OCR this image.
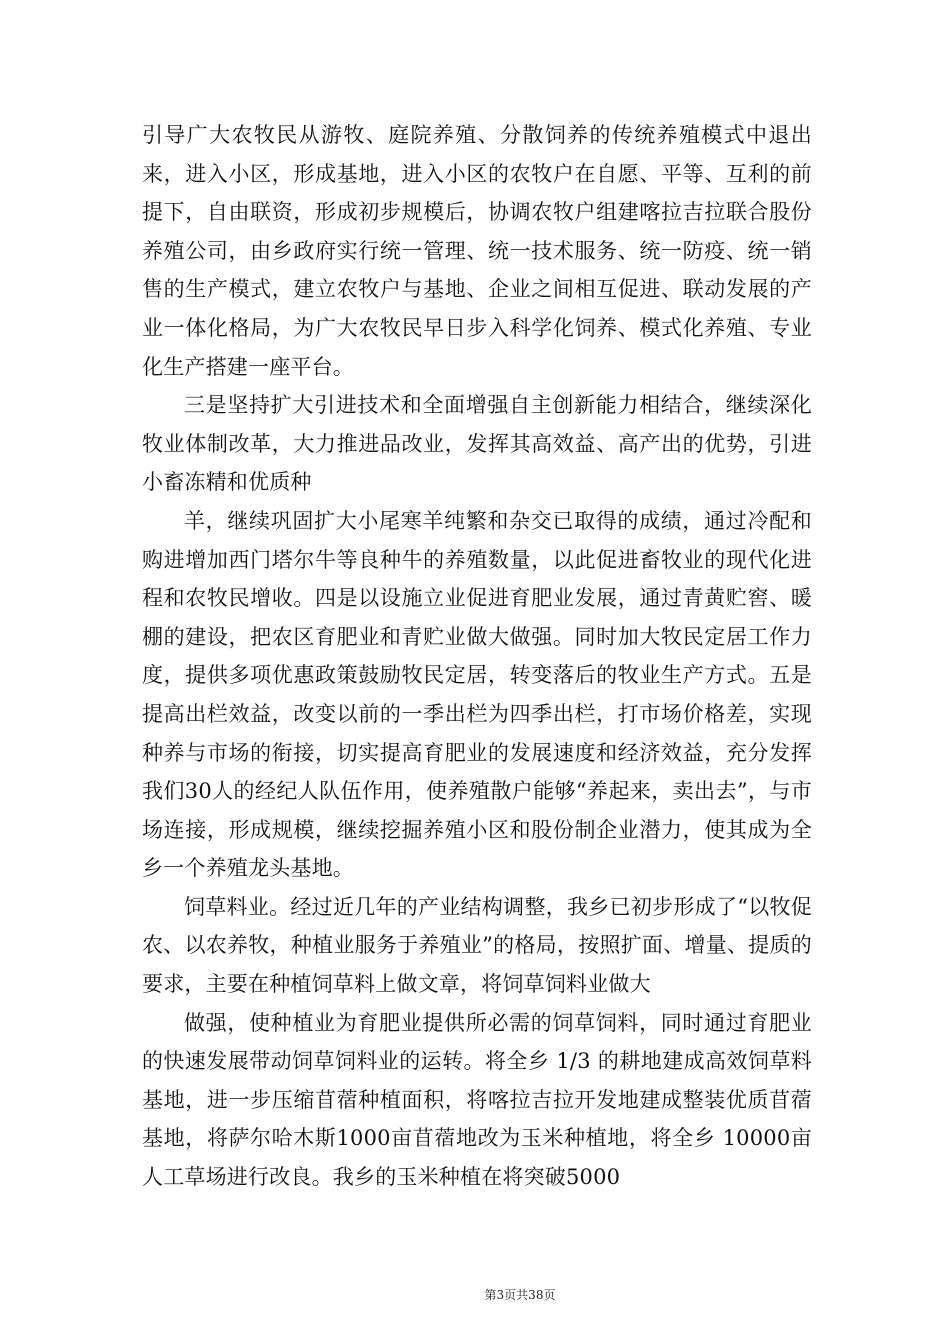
引导广大农牧民从游牧、庭院养殖、分散饲养的传统养殖模式中退出来，进入小区，形成基地，进入小区的农牧户在自愿、平等、互利的前提下，自由联资，形成初步规模后，协调农牧户组建喀拉吉拉联合股份养殖公司，由乡政府实行统一管理、统一技术服务、统一防疫、统一销售的生产模式，建立农牧户与基地、企业之间相互促进、联动发展的产业一体化格局，为广大农牧民早日步入科学化饲养、模式化养殖、专业化生产搭建一座平台。

三是坚持扩大引进技术和全面增强自主创新能力相结合，继续深化牧业体制改革，大力推进品改业，发挥其高效益、高产出的优势，引进小畜冻精和优质种

羊，继续巩固扩大小尾寒羊纯繁和杂交已取得的成绩，通过冷配和购进增加西门塔尔牛等良种牛的养殖数量，以此促进畜牧业的现代化进程和农牧民增收。四是以设施立业促进育肥业发展，通过青黄贮窖、暖棚的建设，把农区育肥业和青贮业做大做强。同时加大牧民定居工作力度，提供多项优惠政策鼓励牧民定居，转变落后的牧业生产方式。五是提高出栏效益，改变以前的一季出栏为四季出栏，打市场价格差，实现种养与市场的衔接，切实提高育肥业的发展速度和经济效益，充分发挥我们30人的经纪人队伍作用，使养殖散户能够“养起来，卖出去”，与市场连接，形成规模，继续挖掘养殖小区和股份制企业潜力，使其成为全乡一个养殖龙头基地。

饲草料业。经过近几年的产业结构调整，我乡已初步形成了“以牧促农、以农养牧，种植业服务于养殖业”的格局，按照扩面、增量、提质的要求，主要在种植饲草料上做文章，将饲草饲料业做大

做强，使种植业为育肥业提供所必需的饲草饲料，同时通过育肥业的快速发展带动饲草饲料业的运转。将全乡 1/3 的耕地建成高效饲草料基地，进一步压缩苜蓿种植面积，将喀拉吉拉开发地建成整装优质苜蓿基地，将萨尔哈木斯1000亩苜蓿地改为玉米种植地，将全乡 10000亩人工草场进行改良。我乡的玉米种植在将突破5000

第3页共38页
